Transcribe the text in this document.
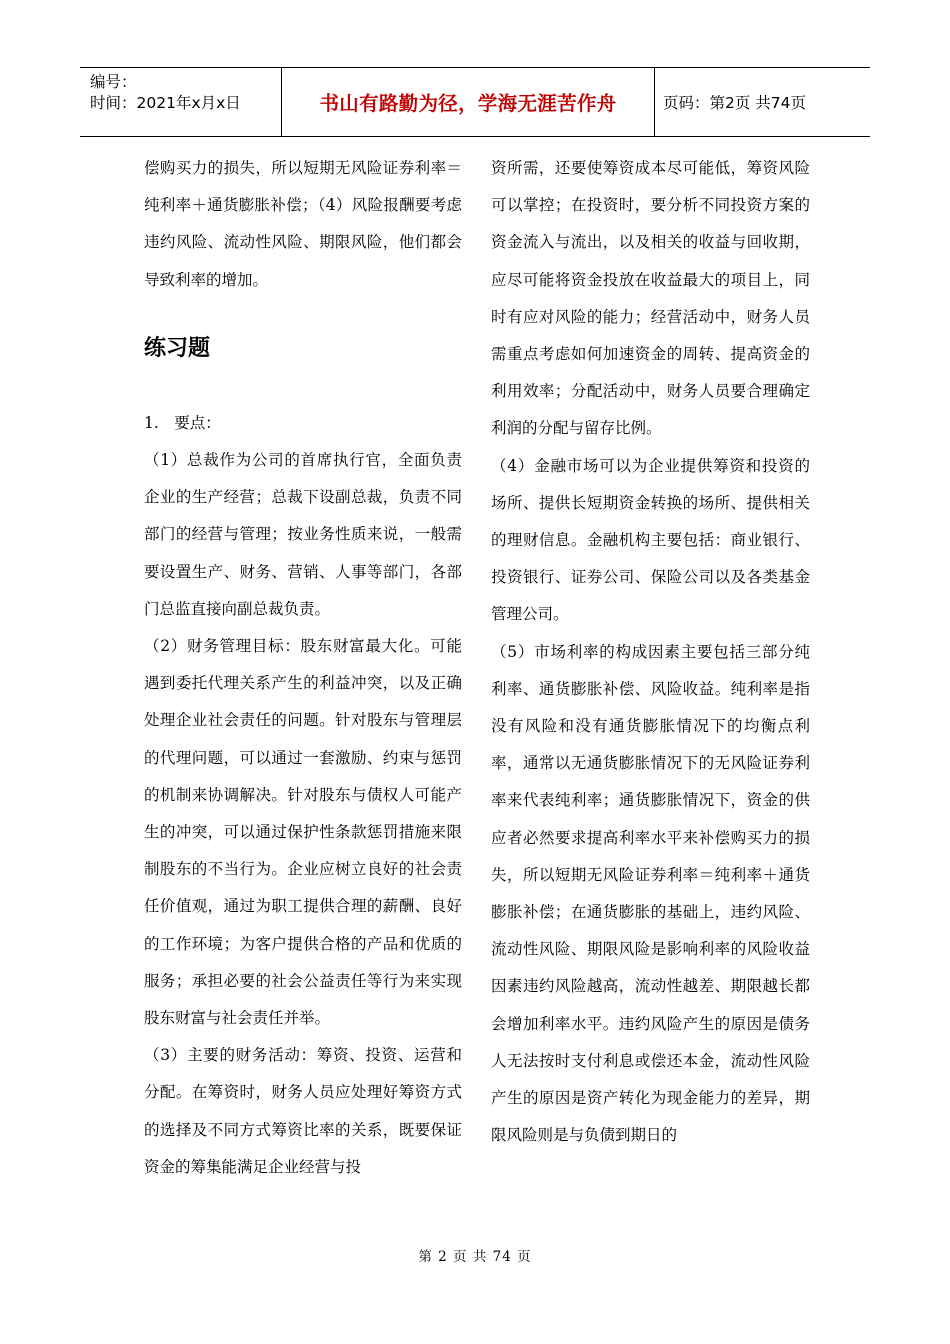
编号：
时间：2021年x月x日	书山有路勤为径，学海无涯苦作舟	页码：第2页 共74页

偿购买力的损失，所以短期无风险证券利率＝纯利率＋通货膨胀补偿；（4）风险报酬要考虑违约风险、流动性风险、期限风险，他们都会导致利率的增加。

练习题

1.　要点：

（1）总裁作为公司的首席执行官，全面负责企业的生产经营；总裁下设副总裁，负责不同部门的经营与管理；按业务性质来说，一般需要设置生产、财务、营销、人事等部门，各部门总监直接向副总裁负责。

（2）财务管理目标：股东财富最大化。可能遇到委托代理关系产生的利益冲突，以及正确处理企业社会责任的问题。针对股东与管理层的代理问题，可以通过一套激励、约束与惩罚的机制来协调解决。针对股东与债权人可能产生的冲突，可以通过保护性条款惩罚措施来限制股东的不当行为。企业应树立良好的社会责任价值观，通过为职工提供合理的薪酬、良好的工作环境；为客户提供合格的产品和优质的服务；承担必要的社会公益责任等行为来实现股东财富与社会责任并举。

（3）主要的财务活动：筹资、投资、运营和分配。在筹资时，财务人员应处理好筹资方式的选择及不同方式筹资比率的关系，既要保证资金的筹集能满足企业经营与投

资所需，还要使筹资成本尽可能低，筹资风险可以掌控；在投资时，要分析不同投资方案的资金流入与流出，以及相关的收益与回收期，应尽可能将资金投放在收益最大的项目上，同时有应对风险的能力；经营活动中，财务人员需重点考虑如何加速资金的周转、提高资金的利用效率；分配活动中，财务人员要合理确定利润的分配与留存比例。

（4）金融市场可以为企业提供筹资和投资的场所、提供长短期资金转换的场所、提供相关的理财信息。金融机构主要包括：商业银行、投资银行、证券公司、保险公司以及各类基金管理公司。

（5）市场利率的构成因素主要包括三部分纯利率、通货膨胀补偿、风险收益。纯利率是指没有风险和没有通货膨胀情况下的均衡点利率，通常以无通货膨胀情况下的无风险证券利率来代表纯利率；通货膨胀情况下，资金的供应者必然要求提高利率水平来补偿购买力的损失，所以短期无风险证券利率＝纯利率＋通货膨胀补偿；在通货膨胀的基础上，违约风险、流动性风险、期限风险是影响利率的风险收益因素违约风险越高，流动性越差、期限越长都会增加利率水平。违约风险产生的原因是债务人无法按时支付利息或偿还本金，流动性风险产生的原因是资产转化为现金能力的差异，期限风险则是与负债到期日的

第 2 页 共 74 页
